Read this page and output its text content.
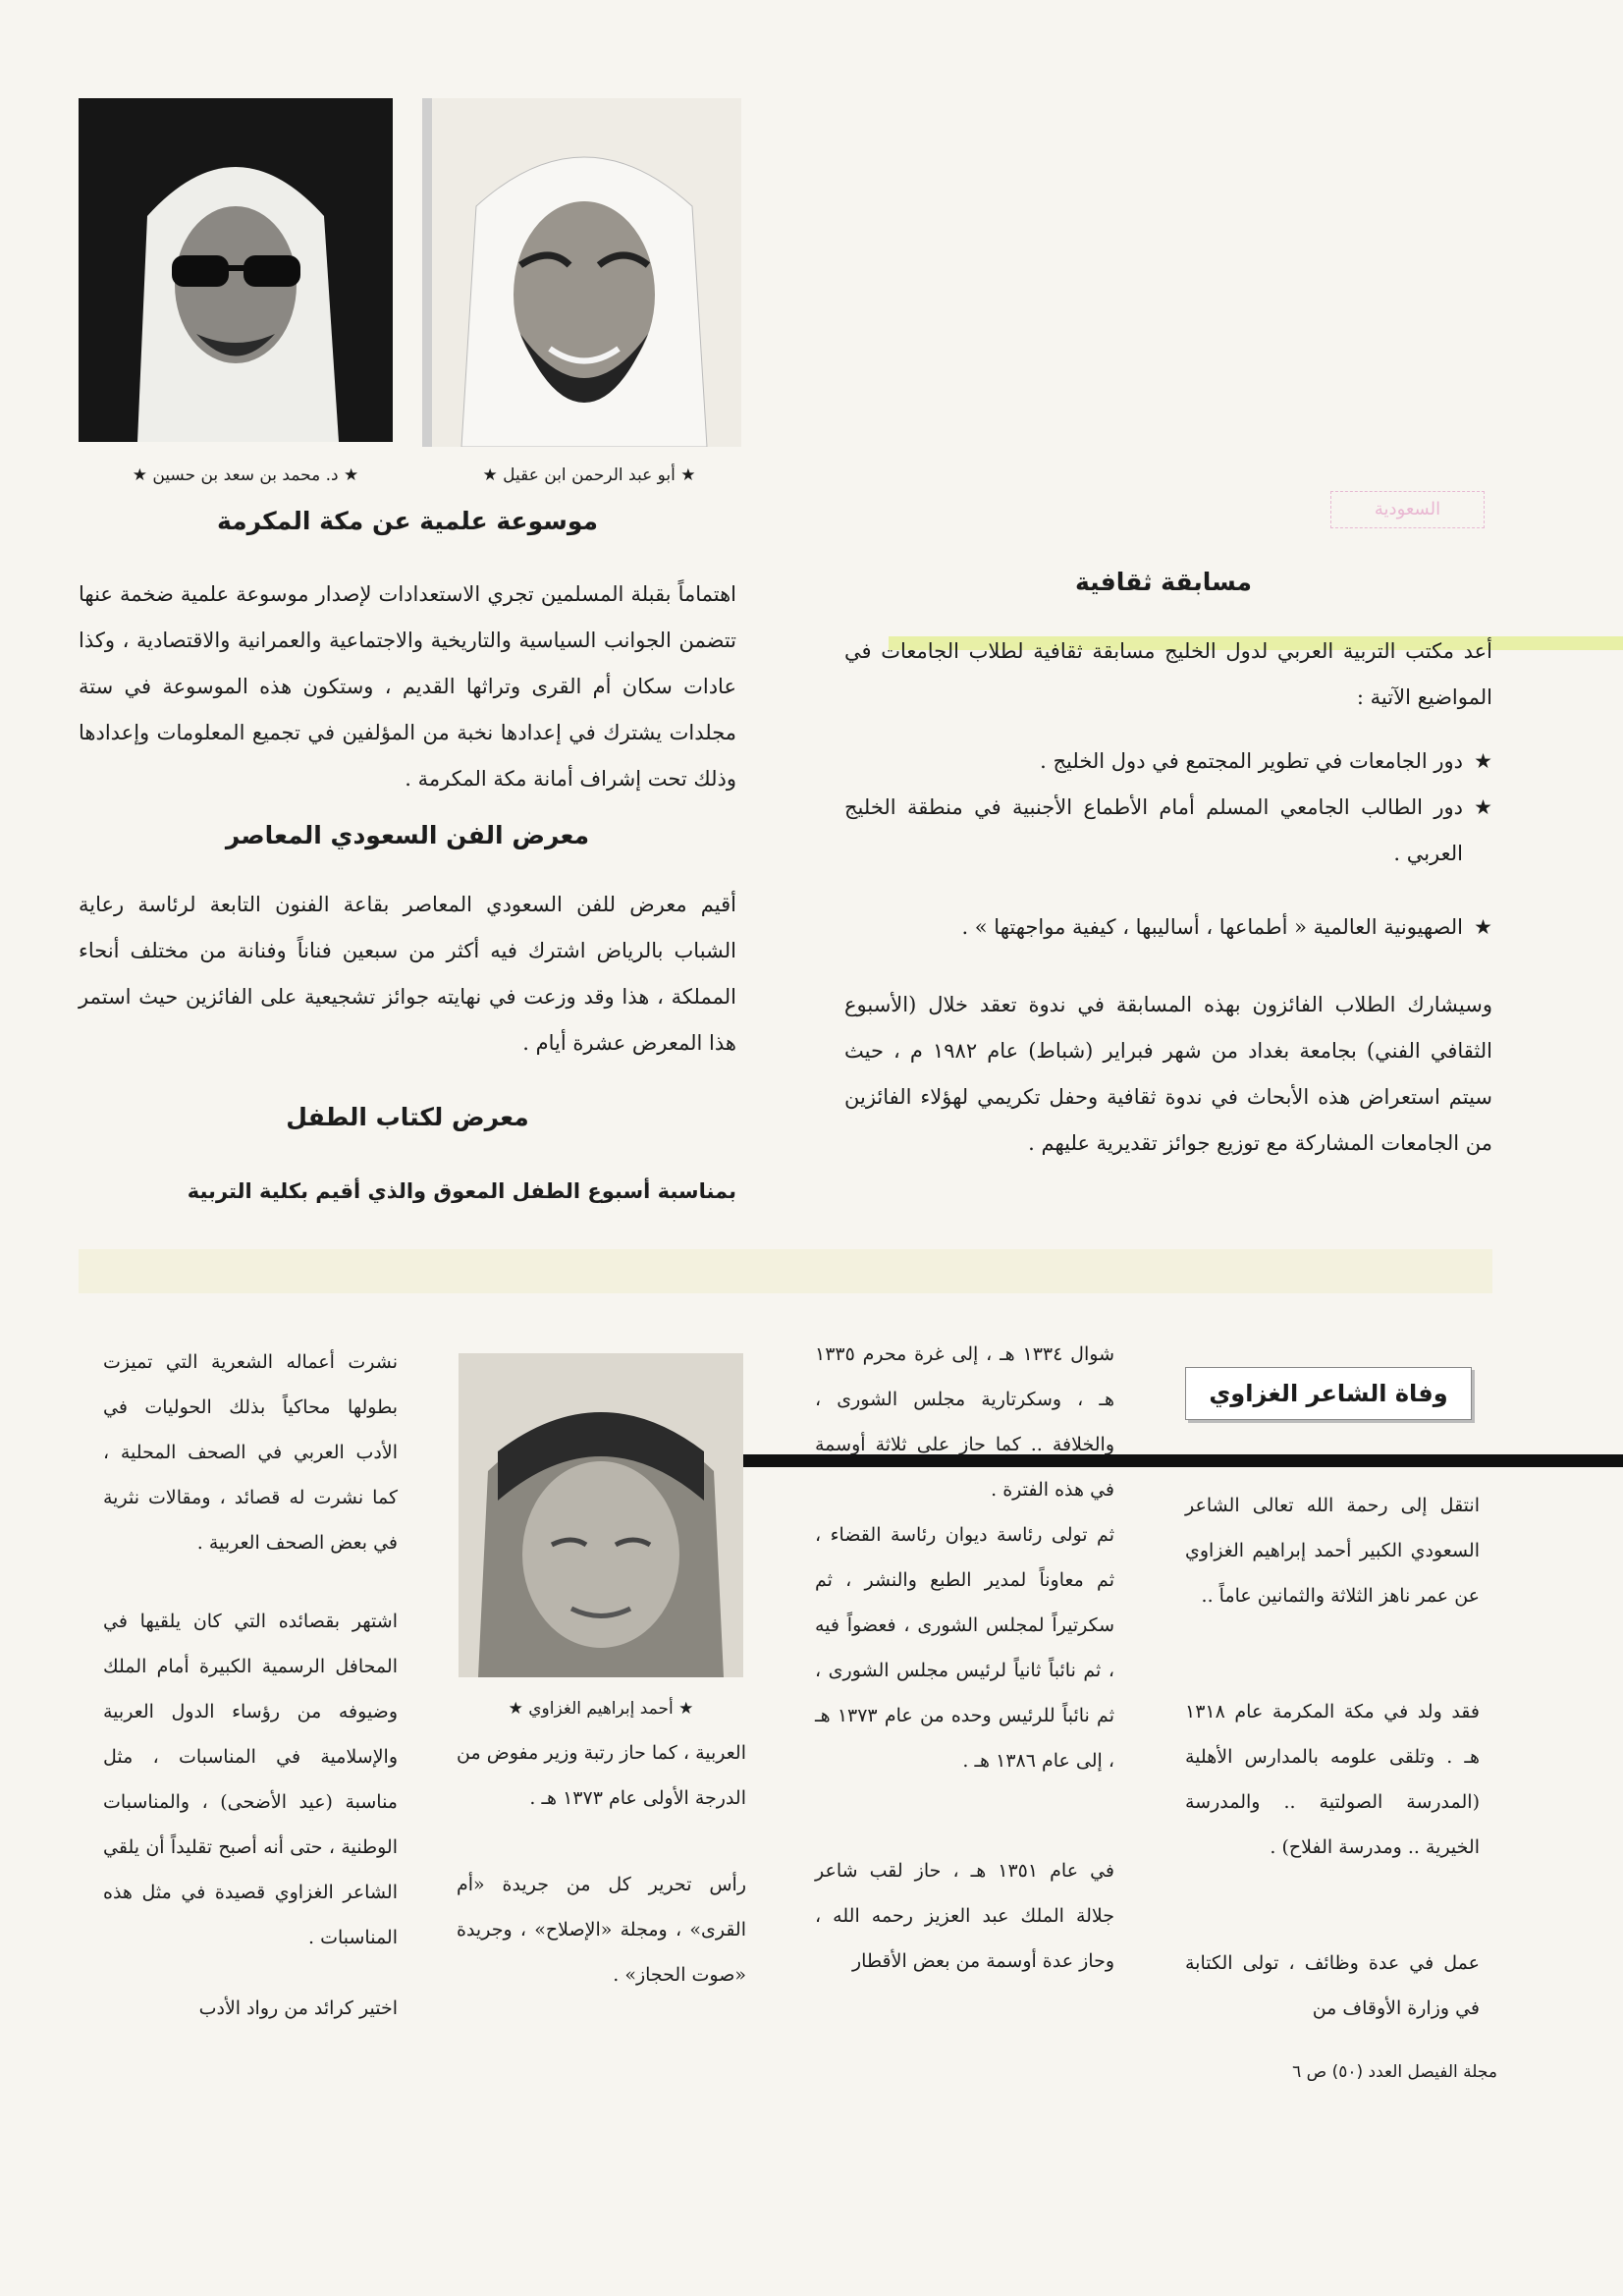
★ د. محمد بن سعد بن حسين ★	★ أبو عبد الرحمن ابن عقيل ★
السعودية
موسوعة علمية عن مكة المكرمة
اهتماماً بقبلة المسلمين تجري الاستعدادات لإصدار موسوعة علمية ضخمة عنها تتضمن الجوانب السياسية والتاريخية والاجتماعية والعمرانية والاقتصادية ، وكذا عادات سكان أم القرى وتراثها القديم ، وستكون هذه الموسوعة في ستة مجلدات يشترك في إعدادها نخبة من المؤلفين في تجميع المعلومات وإعدادها وذلك تحت إشراف أمانة مكة المكرمة .
معرض الفن السعودي المعاصر
أقيم معرض للفن السعودي المعاصر بقاعة الفنون التابعة لرئاسة رعاية الشباب بالرياض اشترك فيه أكثر من سبعين فناناً وفنانة من مختلف أنحاء المملكة ، هذا وقد وزعت في نهايته جوائز تشجيعية على الفائزين حيث استمر هذا المعرض عشرة أيام .
معرض لكتاب الطفل
بمناسبة أسبوع الطفل المعوق والذي أقيم بكلية التربية
مسابقة ثقافية
أعد مكتب التربية العربي لدول الخليج مسابقة ثقافية لطلاب الجامعات في المواضيع الآتية :
★
دور الجامعات في تطوير المجتمع في دول الخليج .
★
دور الطالب الجامعي المسلم أمام الأطماع الأجنبية في منطقة الخليج العربي .
★
الصهيونية العالمية « أطماعها ، أساليبها ، كيفية مواجهتها » .
وسيشارك الطلاب الفائزون بهذه المسابقة في ندوة تعقد خلال (الأسبوع الثقافي الفني) بجامعة بغداد من شهر فبراير (شباط) عام ١٩٨٢ م ، حيث سيتم استعراض هذه الأبحاث في ندوة ثقافية وحفل تكريمي لهؤلاء الفائزين من الجامعات المشاركة مع توزيع جوائز تقديرية عليهم .
وفاة الشاعر الغزاوي
انتقل إلى رحمة الله تعالى الشاعر السعودي الكبير أحمد إبراهيم الغزاوي عن عمر ناهز الثلاثة والثمانين عاماً ..
فقد ولد في مكة المكرمة عام ١٣١٨ هـ . وتلقى علومه بالمدارس الأهلية (المدرسة الصولتية .. والمدرسة الخيرية .. ومدرسة الفلاح) .
عمل في عدة وظائف ، تولى الكتابة في وزارة الأوقاف من
شوال ١٣٣٤ هـ ، إلى غرة محرم ١٣٣٥ هـ ، وسكرتارية مجلس الشورى ، والخلافة .. كما حاز على ثلاثة أوسمة في هذه الفترة .
ثم تولى رئاسة ديوان رئاسة القضاء ، ثم معاوناً لمدير الطبع والنشر ، ثم سكرتيراً لمجلس الشورى ، فعضواً فيه ، ثم نائباً ثانياً لرئيس مجلس الشورى ، ثم نائباً للرئيس وحده من عام ١٣٧٣ هـ ، إلى عام ١٣٨٦ هـ .
في عام ١٣٥١ هـ ، حاز لقب شاعر جلالة الملك عبد العزيز رحمه الله ، وحاز عدة أوسمة من بعض الأقطار
★ أحمد إبراهيم الغزاوي ★
العربية ، كما حاز رتبة وزير مفوض من الدرجة الأولى عام ١٣٧٣ هـ .
رأس تحرير كل من جريدة «أم القرى» ، ومجلة «الإصلاح» ، وجريدة «صوت الحجاز» .
نشرت أعماله الشعرية التي تميزت بطولها محاكياً بذلك الحوليات في الأدب العربي في الصحف المحلية ، كما نشرت له قصائد ، ومقالات نثرية في بعض الصحف العربية .
اشتهر بقصائده التي كان يلقيها في المحافل الرسمية الكبيرة أمام الملك وضيوفه من رؤساء الدول العربية والإسلامية في المناسبات ، مثل مناسبة (عيد الأضحى) ، والمناسبات الوطنية ، حتى أنه أصبح تقليداً أن يلقي الشاعر الغزاوي قصيدة في مثل هذه المناسبات .
اختير كرائد من رواد الأدب
مجلة الفيصل العدد (٥٠) ص ٦
